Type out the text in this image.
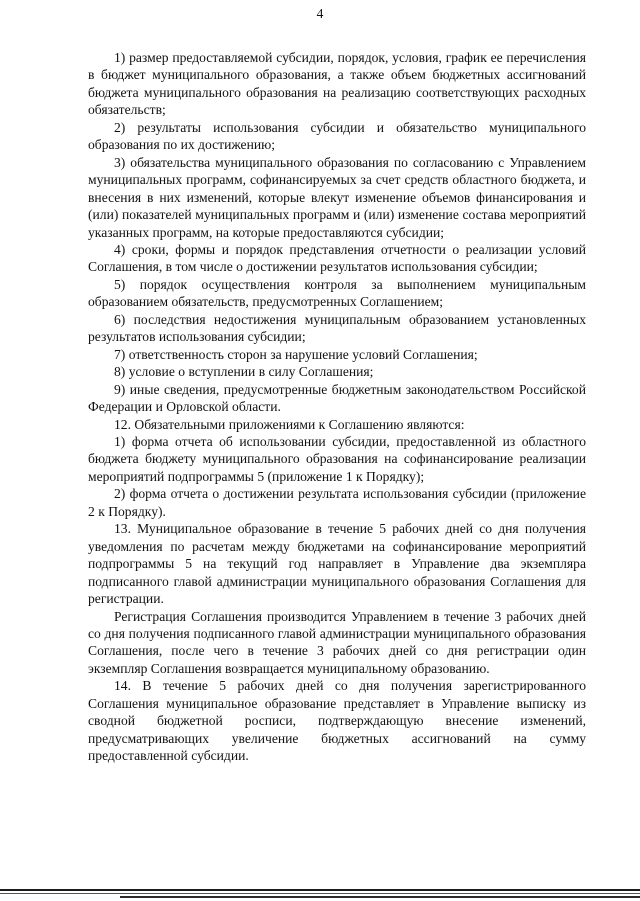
4

1) размер предоставляемой субсидии, порядок, условия, график ее перечисления в бюджет муниципального образования, а также объем бюджетных ассигнований бюджета муниципального образования на реализацию соответствующих расходных обязательств;

2) результаты использования субсидии и обязательство муниципального образования по их достижению;

3) обязательства муниципального образования по согласованию с Управлением муниципальных программ, софинансируемых за счет средств областного бюджета, и внесения в них изменений, которые влекут изменение объемов финансирования и (или) показателей муниципальных программ и (или) изменение состава мероприятий указанных программ, на которые предоставляются субсидии;

4) сроки, формы и порядок представления отчетности о реализации условий Соглашения, в том числе о достижении результатов использования субсидии;

5) порядок осуществления контроля за выполнением муниципальным образованием обязательств, предусмотренных Соглашением;

6) последствия недостижения муниципальным образованием установленных результатов использования субсидии;

7) ответственность сторон за нарушение условий Соглашения;

8) условие о вступлении в силу Соглашения;

9) иные сведения, предусмотренные бюджетным законодательством Российской Федерации и Орловской области.

12. Обязательными приложениями к Соглашению являются:

1) форма отчета об использовании субсидии, предоставленной из областного бюджета бюджету муниципального образования на софинансирование реализации мероприятий подпрограммы 5 (приложение 1 к Порядку);

2) форма отчета о достижении результата использования субсидии (приложение 2 к Порядку).

13. Муниципальное образование в течение 5 рабочих дней со дня получения уведомления по расчетам между бюджетами на софинансирование мероприятий подпрограммы 5 на текущий год направляет в Управление два экземпляра подписанного главой администрации муниципального образования Соглашения для регистрации.

Регистрация Соглашения производится Управлением в течение 3 рабочих дней со дня получения подписанного главой администрации муниципального образования Соглашения, после чего в течение 3 рабочих дней со дня регистрации один экземпляр Соглашения возвращается муниципальному образованию.

14. В течение 5 рабочих дней со дня получения зарегистрированного Соглашения муниципальное образование представляет в Управление выписку из сводной бюджетной росписи, подтверждающую внесение изменений, предусматривающих увеличение бюджетных ассигнований на сумму предоставленной субсидии.
